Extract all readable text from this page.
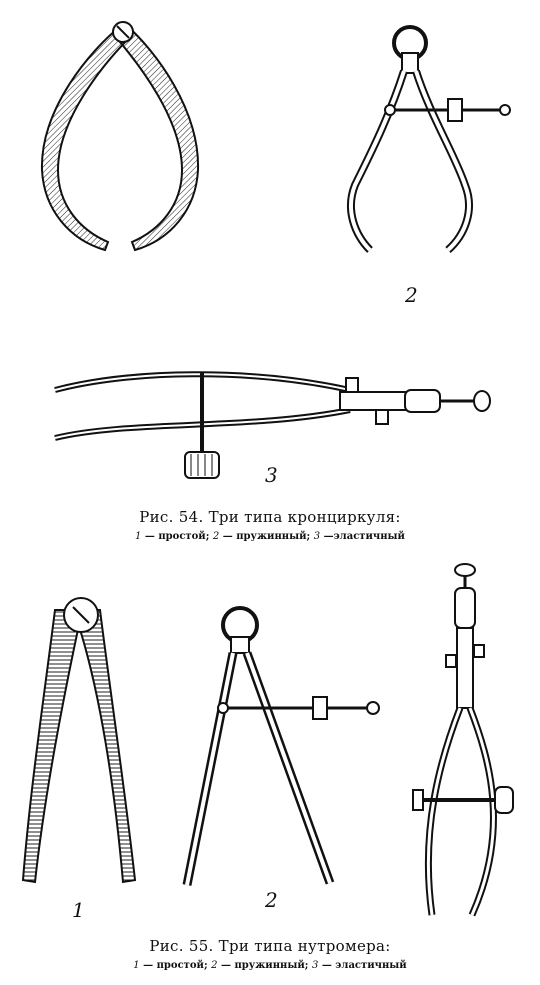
2
3
Рис. 54. Три типа кронциркуля:
1 — простой; 2 — пружинный; 3 —эластичный
1	2
Рис. 55. Три типа нутромера:
1 — простой; 2 — пружинный; 3 — эластичный
